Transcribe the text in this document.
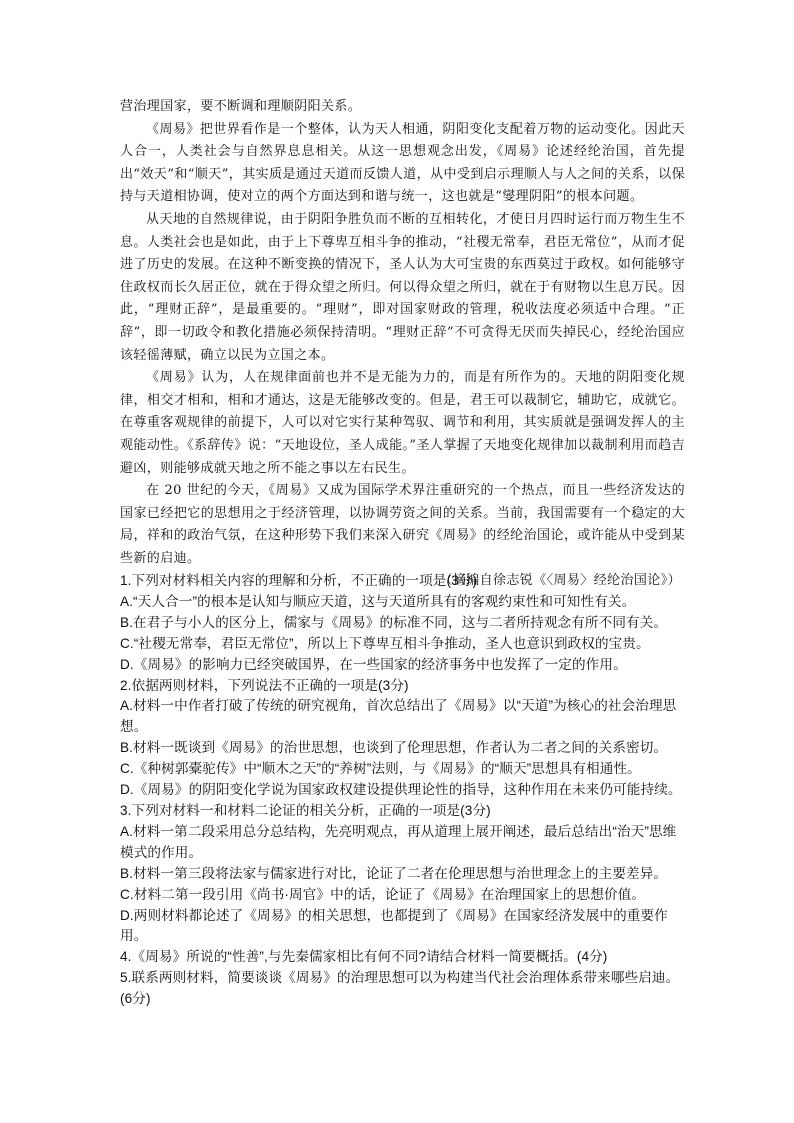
营治理国家，要不断调和理顺阴阳关系。

《周易》把世界看作是一个整体，认为天人相通，阴阳变化支配着万物的运动变化。因此天人合一，人类社会与自然界息息相关。从这一思想观念出发，《周易》论述经纶治国，首先提出“效天”和“顺天”，其实质是通过天道而反馈人道，从中受到启示理顺人与人之间的关系，以保持与天道相协调，使对立的两个方面达到和谐与统一，这也就是“燮理阴阳”的根本问题。

从天地的自然规律说，由于阴阳争胜负而不断的互相转化，才使日月四时运行而万物生生不息。人类社会也是如此，由于上下尊卑互相斗争的推动，“社稷无常奉，君臣无常位”，从而才促进了历史的发展。在这种不断变换的情况下，圣人认为大可宝贵的东西莫过于政权。如何能够守住政权而长久居正位，就在于得众望之所归。何以得众望之所归，就在于有财物以生息万民。因此，“理财正辞”，是最重要的。“理财”，即对国家财政的管理，税收法度必须适中合理。“正辞”，即一切政令和教化措施必须保持清明。“理财正辞”不可贪得无厌而失掉民心，经纶治国应该轻徭薄赋，确立以民为立国之本。

《周易》认为，人在规律面前也并不是无能为力的，而是有所作为的。天地的阴阳变化规律，相交才相和，相和才通达，这是无能够改变的。但是，君王可以裁制它，辅助它，成就它。在尊重客观规律的前提下，人可以对它实行某种驾驭、调节和利用，其实质就是强调发挥人的主观能动性。《系辞传》说：“天地设位，圣人成能。”圣人掌握了天地变化规律加以裁制利用而趋吉避凶，则能够成就天地之所不能之事以左右民生。

在 20 世纪的今天，《周易》又成为国际学术界注重研究的一个热点，而且一些经济发达的国家已经把它的思想用之于经济管理，以协调劳资之间的关系。当前，我国需要有一个稳定的大局，祥和的政治气氛，在这种形势下我们来深入研究《周易》的经纶治国论，或许能从中受到某些新的启迪。

（摘编自徐志锐《〈周易〉经纶治国论》）

1.下列对材料相关内容的理解和分析，不正确的一项是(3分)
A.“天人合一”的根本是认知与顺应天道，这与天道所具有的客观约束性和可知性有关。
B.在君子与小人的区分上，儒家与《周易》的标准不同，这与二者所持观念有所不同有关。
C.“社稷无常奉，君臣无常位”，所以上下尊卑互相斗争推动，圣人也意识到政权的宝贵。
D.《周易》的影响力已经突破国界，在一些国家的经济事务中也发挥了一定的作用。
2.依据两则材料，下列说法不正确的一项是(3分)
A.材料一中作者打破了传统的研究视角，首次总结出了《周易》以“天道”为核心的社会治理思想。
B.材料一既谈到《周易》的治世思想，也谈到了伦理思想，作者认为二者之间的关系密切。
C.《种树郭橐驼传》中“顺木之天”的“养树”法则，与《周易》的“顺天”思想具有相通性。
D.《周易》的阴阳变化学说为国家政权建设提供理论性的指导，这种作用在未来仍可能持续。
3.下列对材料一和材料二论证的相关分析，正确的一项是(3分)
A.材料一第二段采用总分总结构，先亮明观点，再从道理上展开阐述，最后总结出“治天”思维模式的作用。
B.材料一第三段将法家与儒家进行对比，论证了二者在伦理思想与治世理念上的主要差异。
C.材料二第一段引用《尚书·周官》中的话，论证了《周易》在治理国家上的思想价值。
D.两则材料都论述了《周易》的相关思想，也都提到了《周易》在国家经济发展中的重要作用。
4.《周易》所说的“性善”,与先秦儒家相比有何不同?请结合材料一简要概括。(4分)
5.联系两则材料，简要谈谈《周易》的治理思想可以为构建当代社会治理体系带来哪些启迪。(6分)
